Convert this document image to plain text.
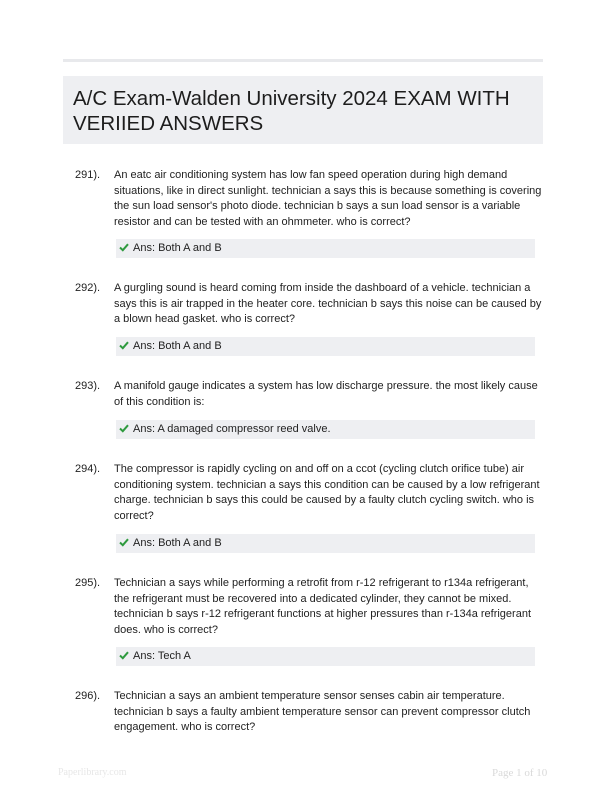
A/C Exam-Walden University 2024 EXAM WITH VERIIED ANSWERS
291). An eatc air conditioning system has low fan speed operation during high demand situations, like in direct sunlight. technician a says this is because something is covering the sun load sensor's photo diode. technician b says a sun load sensor is a variable resistor and can be tested with an ohmmeter. who is correct?
Ans: Both A and B
292). A gurgling sound is heard coming from inside the dashboard of a vehicle. technician a says this is air trapped in the heater core. technician b says this noise can be caused by a blown head gasket. who is correct?
Ans: Both A and B
293). A manifold gauge indicates a system has low discharge pressure. the most likely cause of this condition is:
Ans: A damaged compressor reed valve.
294). The compressor is rapidly cycling on and off on a ccot (cycling clutch orifice tube) air conditioning system. technician a says this condition can be caused by a low refrigerant charge. technician b says this could be caused by a faulty clutch cycling switch. who is correct?
Ans: Both A and B
295). Technician a says while performing a retrofit from r-12 refrigerant to r134a refrigerant, the refrigerant must be recovered into a dedicated cylinder, they cannot be mixed. technician b says r-12 refrigerant functions at higher pressures than r-134a refrigerant does. who is correct?
Ans: Tech A
296). Technician a says an ambient temperature sensor senses cabin air temperature. technician b says a faulty ambient temperature sensor can prevent compressor clutch engagement. who is correct?
Paperlibrary.com	Page 1 of 10
